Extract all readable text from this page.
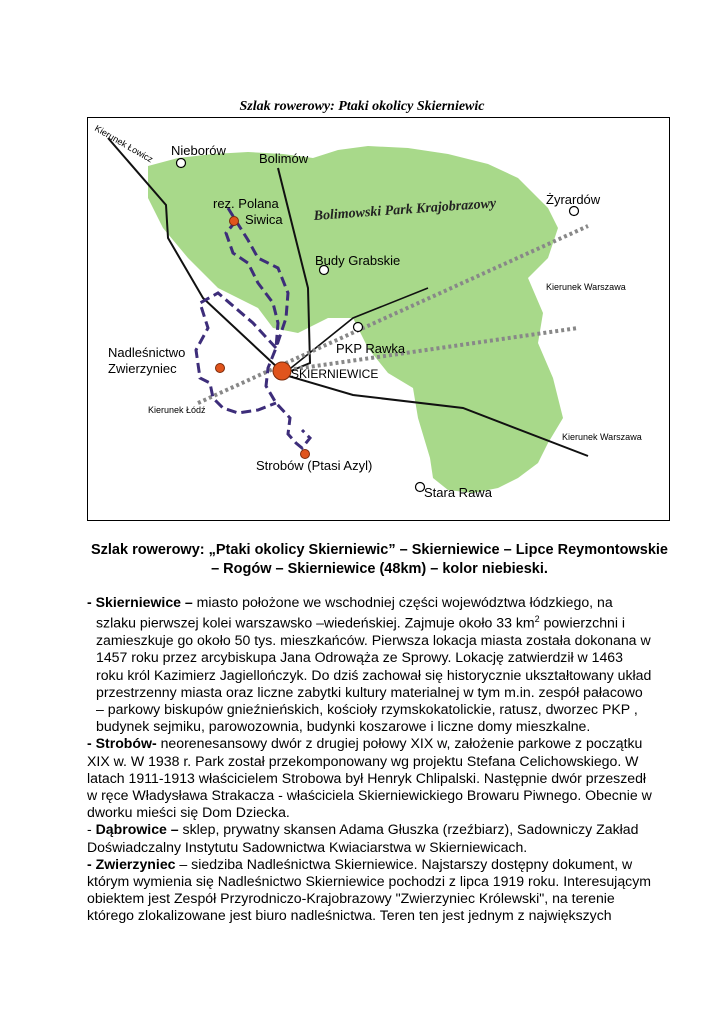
Szlak rowerowy: Ptaki okolicy Skierniewic
Kierunek Łowicz Nieborów
Bolimów
Bolimowski Park Krajobrazowy	Żyrardów
rez. Polana
Siwica
Budy Grabskie
Kierunek Warszawa
Nadleśnictwo
Zwierzyniec
PKP Rawka
SKIERNIEWICE
Kierunek Łódź
Kierunek Warszawa
Strobów (Ptasi Azyl)
Stara Rawa
Szlak rowerowy: „Ptaki okolicy Skierniewic” – Skierniewice – Lipce Reymontowskie
– Rogów – Skierniewice (48km) – kolor niebieski.

- Skierniewice – miasto położone we wschodniej części województwa łódzkiego, na

szlaku pierwszej kolei warszawsko –wiedeńskiej. Zajmuje około 33 $km^2$ powierzchni i

zamieszkuje go około 50 tys. mieszkańców. Pierwsza lokacja miasta została dokonana w

1457 roku przez arcybiskupa Jana Odrowąża ze Sprowy. Lokację zatwierdził w 1463

roku król Kazimierz Jagiellończyk. Do dziś zachował się historycznie ukształtowany układ

przestrzenny miasta oraz liczne zabytki kultury materialnej w tym m.in. zespół pałacowo

– parkowy biskupów gnieźnieńskich, kościoły rzymskokatolickie, ratusz, dworzec PKP ,

budynek sejmiku, parowozownia, budynki koszarowe i liczne domy mieszkalne.

- Strobów- neorenesansowy dwór z drugiej połowy XIX w, założenie parkowe z początku

XIX w. W 1938 r. Park został przekomponowany wg projektu Stefana Celichowskiego. W

latach 1911-1913 właścicielem Strobowa był Henryk Chlipalski. Następnie dwór przeszedł

w ręce Władysława Strakacza - właściciela Skierniewickiego Browaru Piwnego. Obecnie w

dworku mieści się Dom Dziecka.

- Dąbrowice – sklep, prywatny skansen Adama Głuszka (rzeźbiarz), Sadowniczy Zakład

Doświadczalny Instytutu Sadownictwa Kwiaciarstwa w Skierniewicach.

- Zwierzyniec – siedziba Nadleśnictwa Skierniewice. Najstarszy dostępny dokument, w

którym wymienia się Nadleśnictwo Skierniewice pochodzi z lipca 1919 roku. Interesującym

obiektem jest Zespół Przyrodniczo-Krajobrazowy "Zwierzyniec Królewski", na terenie

którego zlokalizowane jest biuro nadleśnictwa. Teren ten jest jednym z największych
